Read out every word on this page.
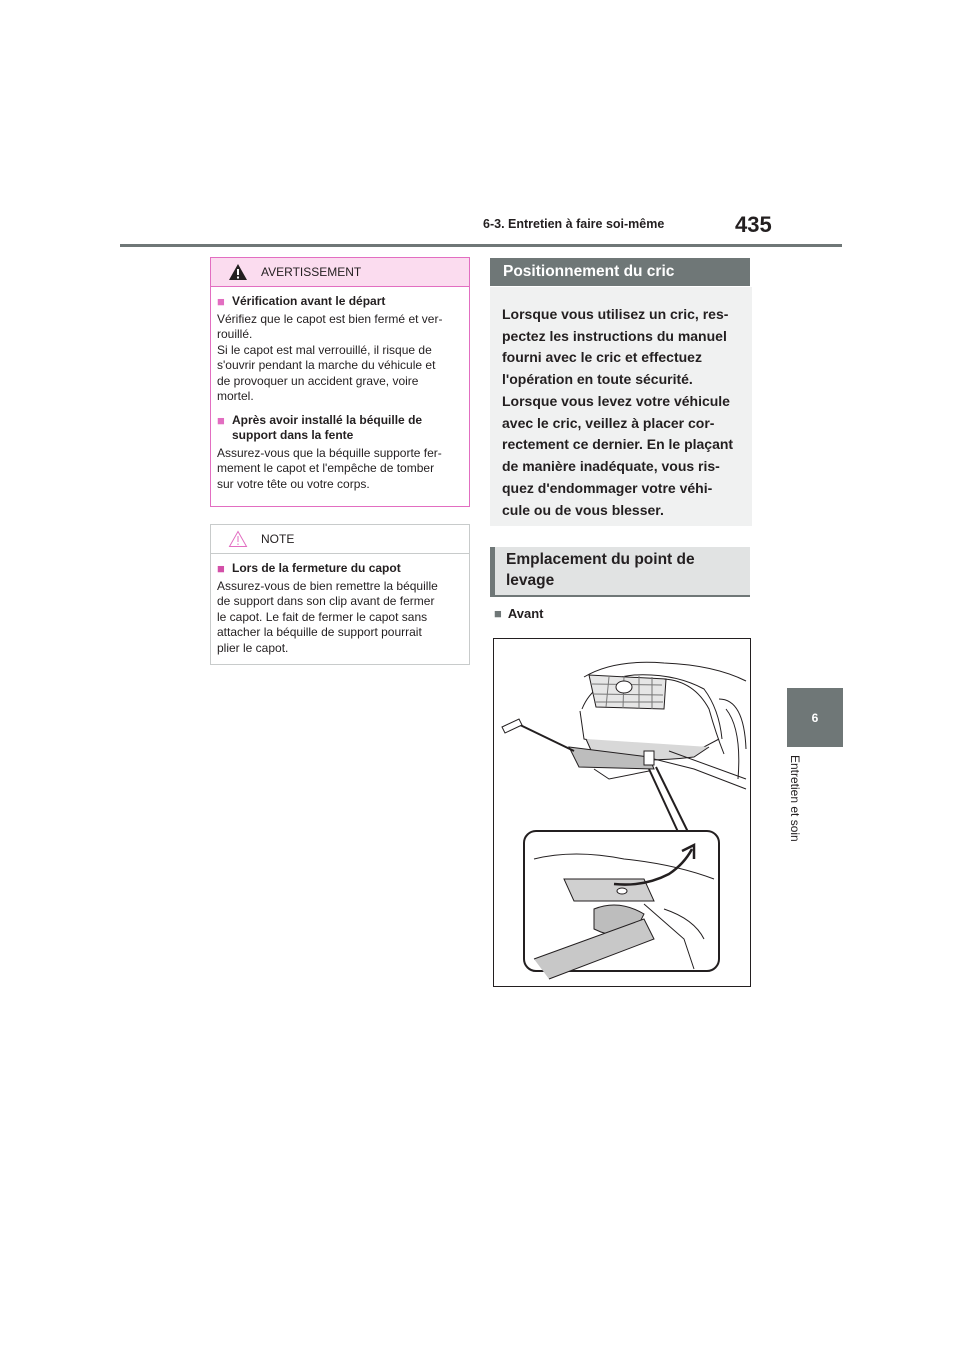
6-3. Entretien à faire soi-même	435
6
Entretien et soin
AVERTISSEMENT
■ Vérification avant le départ
Vérifiez que le capot est bien fermé et ver-
rouillé.
Si le capot est mal verrouillé, il risque de
s'ouvrir pendant la marche du véhicule et
de provoquer un accident grave, voire
mortel.
■ Après avoir installé la béquille de
support dans la fente
Assurez-vous que la béquille supporte fer-
mement le capot et l'empêche de tomber
sur votre tête ou votre corps.
NOTE
■ Lors de la fermeture du capot
Assurez-vous de bien remettre la béquille
de support dans son clip avant de fermer
le capot. Le fait de fermer le capot sans
attacher la béquille de support pourrait
plier le capot.
Positionnement du cric
Lorsque vous utilisez un cric, res-
pectez les instructions du manuel
fourni avec le cric et effectuez
l'opération en toute sécurité.
Lorsque vous levez votre véhicule
avec le cric, veillez à placer cor-
rectement ce dernier. En le plaçant
de manière inadéquate, vous ris-
quez d'endommager votre véhi-
cule ou de vous blesser.
Emplacement du point de
levage
■ Avant
